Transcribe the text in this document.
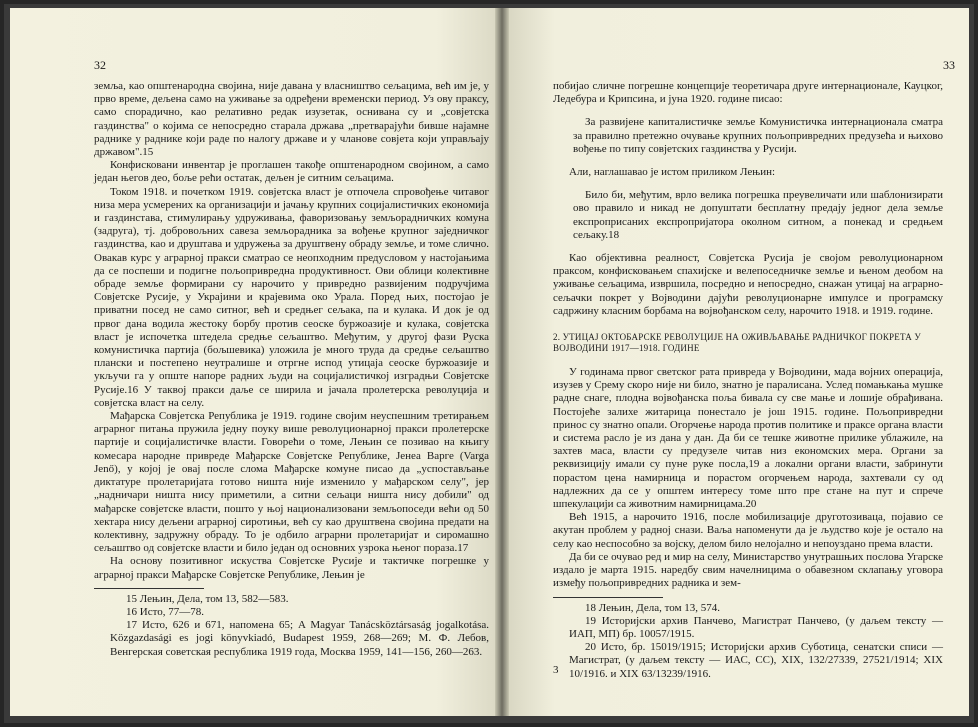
32

земља, као општенародна својина, није давана у власништво сељацима, већ им је, у прво време, дељена само на уживање за одређени временски период. Уз ову праксу, само спорадично, као релативно редак изузетак, оснивана су и „совјетска газдинства" о којима се непосредно старала држава „претварајући бивше најамне раднике у раднике који раде по налогу државе и у чланове совјета који управљају државом".15

Конфисковани инвентар је проглашен такође општенародном својином, а само један његов део, боље рећи остатак, дељен је ситним сељацима.

Током 1918. и почетком 1919. совјетска власт је отпочела спровођење читавог низа мера усмерених ка организацији и јачању крупних социјалистичких економија и газдинстава, стимулирању удруживања, фаворизовању земљорадничких комуна (задруга), тј. добровољних савеза земљорадника за вођење крупног заједничког газдинства, као и друштава и удружења за друштвену обраду земље, и томе слично. Овакав курс у аграрној пракси сматрао се неопходним предусловом у настојањима да се поспеши и подигне пољопривредна продуктивност. Ови облици колективне обраде земље формирани су нарочито у привредно развијеним подручјима Совјетске Русије, у Украјини и крајевима око Урала. Поред њих, постојао је приватни посед не само ситног, већ и средњег сељака, па и кулака. И док је од првог дана водила жестоку борбу против сеоске буржоазије и кулака, совјетска власт је испочетка штедела средње сељаштво. Међутим, у другој фази Руска комунистичка партија (бољшевика) уложила је много труда да средње сељаштво плански и постепено неутралише и отргне испод утицаја сеоске буржоазије и укључи га у опште напоре радних људи на социјалистичкој изградњи Совјетске Русије.16 У таквој пракси даље се ширила и јачала пролетерска револуција и совјетска власт на селу.

Мађарска Совјетска Република је 1919. године својим неуспешним третирањем аграрног питања пружила једну поуку више револуционарној пракси пролетерске партије и социјалистичке власти. Говорећи о томе, Лењин се позивао на књигу комесара народне привреде Мађарске Совјетске Републике, Јенеа Варге (Varga Jenő), у којој је овај после слома Мађарске комуне писао да „успостављање диктатуре пролетаријата готово ништа није изменило у мађарском селу", јер „надничари ништа нису приметили, а ситни сељаци ништа нису добили" од мађарске совјетске власти, пошто у њој национализовани земљопоседи већи од 50 хектара нису дељени аграрној сиротињи, већ су као друштвена својина предати на колективну, задружну обраду. То је одбило аграрни пролетаријат и сиромашно сељаштво од совјетске власти и било један од основних узрока њеног пораза.17

На основу позитивног искуства Совјетске Русије и тактичке погрешке у аграрној пракси Мађарске Совјетске Републике, Лењин је

15 Лењин, Дела, том 13, 582—583.

16 Исто, 77—78.

17 Исто, 626 и 671, напомена 65; A Magyar Tanácsköztársaság jogalkotása. Közgazdasági es jogi könyvkiadó, Budapest 1959, 268—269; М. Ф. Лебов, Венгерская советская республика 1919 года, Москва 1959, 141—156, 260—263.

33

побијао сличне погрешне концепције теоретичара друге интернационале, Кауцког, Ледебура и Крипсина, и јуна 1920. године писао:

За развијене капиталистичке земље Комунистичка интернационала сматра за правилно претежно очување крупних пољопривредних предузећа и њихово вођење по типу совјетских газдинства у Русији.

Али, наглашавао је истом приликом Лењин:

Било би, међутим, врло велика погрешка преувеличати или шаблонизирати ово правило и никад не допуштати бесплатну предају једног дела земље експроприсаних експропријатора околном ситном, а понекад и средњем сељаку.18

Као објективна реалност, Совјетска Русија је својом револуционарном праксом, конфисковањем спахијске и велепоседничке земље и њеном деобом на уживање сељацима, извршила, посредно и непосредно, снажан утицај на аграрно-сељачки покрет у Војводини дајући револуционарне импулсе и програмску садржину класним борбама на војвођанском селу, нарочито 1918. и 1919. године.

2. УТИЦАЈ ОКТОБАРСКЕ РЕВОЛУЦИЈЕ НА ОЖИВЉАВАЊЕ РАДНИЧКОГ ПОКРЕТА У ВОЈВОДИНИ 1917—1918. ГОДИНЕ

У годинама првог светског рата привреда у Војводини, мада војних операција, изузев у Срему скоро није ни било, знатно је паралисана. Услед помањкања мушке радне снаге, плодна војвођанска поља бивала су све мање и лошије обрађивана. Постојеће залихе житарица понестало је још 1915. године. Пољопривредни принос су знатно опали. Огорчење народа против политике и праксе органа власти и система расло је из дана у дан. Да би се тешке животне прилике ублажиле, на захтев маса, власти су предузеле читав низ економских мера. Органи за реквизицију имали су пуне руке посла,19 а локални органи власти, забринути порастом цена намирница и порастом огорчењем народа, захтевали су од надлежних да се у општем интересу томе што пре стане на пут и спрече шпекулацији са животним намирницама.20

Већ 1915, а нарочито 1916, после мобилизације друготозиваца, појавио се акутан проблем у радној снази. Ваља напоменути да је људство које је остало на селу као неспособно за војску, делом било нелојално и непоуздано према власти.

Да би се очувао ред и мир на селу, Министарство унутрашњих послова Угарске издало је марта 1915. наредбу свим начелницима о обавезном склапању уговора између пољопривредних радника и зем-

18 Лењин, Дела, том 13, 574.

19 Историјски архив Панчево, Магистрат Панчево, (у даљем тексту — ИАП, МП) бр. 10057/1915.

20 Исто, бр. 15019/1915; Историјски архив Суботица, сенатски списи — Магистрат, (у даљем тексту — ИАС, СС), XIX, 132/27339, 27521/1914; XIX 10/1916. и XIX 63/13239/1916.

3
